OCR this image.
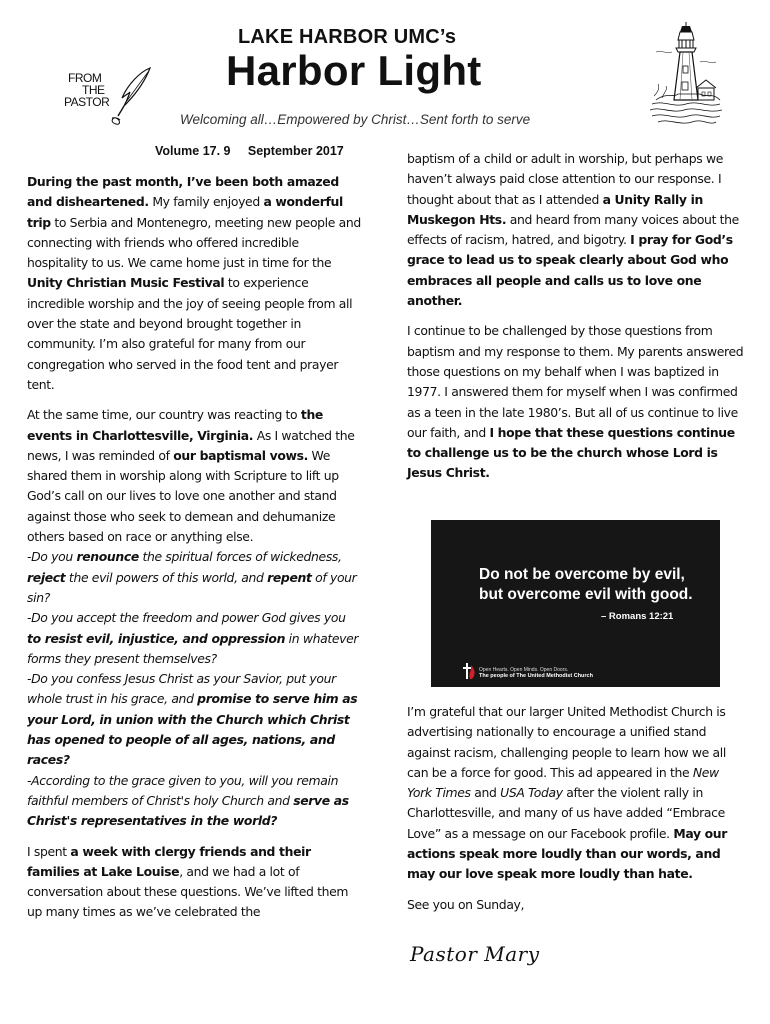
LAKE HARBOR UMC’s
Harbor Light
Welcoming all…Empowered by Christ…Sent forth to serve
FROM
THE
PASTOR
Volume 17. 9 September 2017

During the past month, I’ve been both amazed and disheartened. My family enjoyed a wonderful trip to Serbia and Montenegro, meeting new people and connecting with friends who offered incredible hospitality to us. We came home just in time for the Unity Christian Music Festival to experience incredible worship and the joy of seeing people from all over the state and beyond brought together in community. I’m also grateful for many from our congregation who served in the food tent and prayer tent.

At the same time, our country was reacting to the events in Charlottesville, Virginia. As I watched the news, I was reminded of our baptismal vows. We shared them in worship along with Scripture to lift up God’s call on our lives to love one another and stand against those who seek to demean and dehumanize others based on race or anything else.

-Do you renounce the spiritual forces of wickedness, reject the evil powers of this world, and repent of your sin?
-Do you accept the freedom and power God gives you to resist evil, injustice, and oppression in whatever forms they present themselves?
-Do you confess Jesus Christ as your Savior, put your whole trust in his grace, and promise to serve him as your Lord, in union with the Church which Christ has opened to people of all ages, nations, and races?
-According to the grace given to you, will you remain faithful members of Christ's holy Church and serve as Christ's representatives in the world?

I spent a week with clergy friends and their families at Lake Louise, and we had a lot of conversation about these questions. We’ve lifted them up many times as we’ve celebrated the

baptism of a child or adult in worship, but perhaps we haven’t always paid close attention to our response. I thought about that as I attended a Unity Rally in Muskegon Hts. and heard from many voices about the effects of racism, hatred, and bigotry. I pray for God’s grace to lead us to speak clearly about God who embraces all people and calls us to love one another.

I continue to be challenged by those questions from baptism and my response to them. My parents answered those questions on my behalf when I was baptized in 1977. I answered them for myself when I was confirmed as a teen in the late 1980’s. But all of us continue to live our faith, and I hope that these questions continue to challenge us to be the church whose Lord is Jesus Christ.

Do not be overcome by evil,
but overcome evil with good.
– Romans 12:21
Open Hearts. Open Minds. Open Doors.
The people of The United Methodist Church

I’m grateful that our larger United Methodist Church is advertising nationally to encourage a unified stand against racism, challenging people to learn how we all can be a force for good. This ad appeared in the New York Times and USA Today after the violent rally in Charlottesville, and many of us have added “Embrace Love” as a message on our Facebook profile. May our actions speak more loudly than our words, and may our love speak more loudly than hate.

See you on Sunday,

Pastor Mary
